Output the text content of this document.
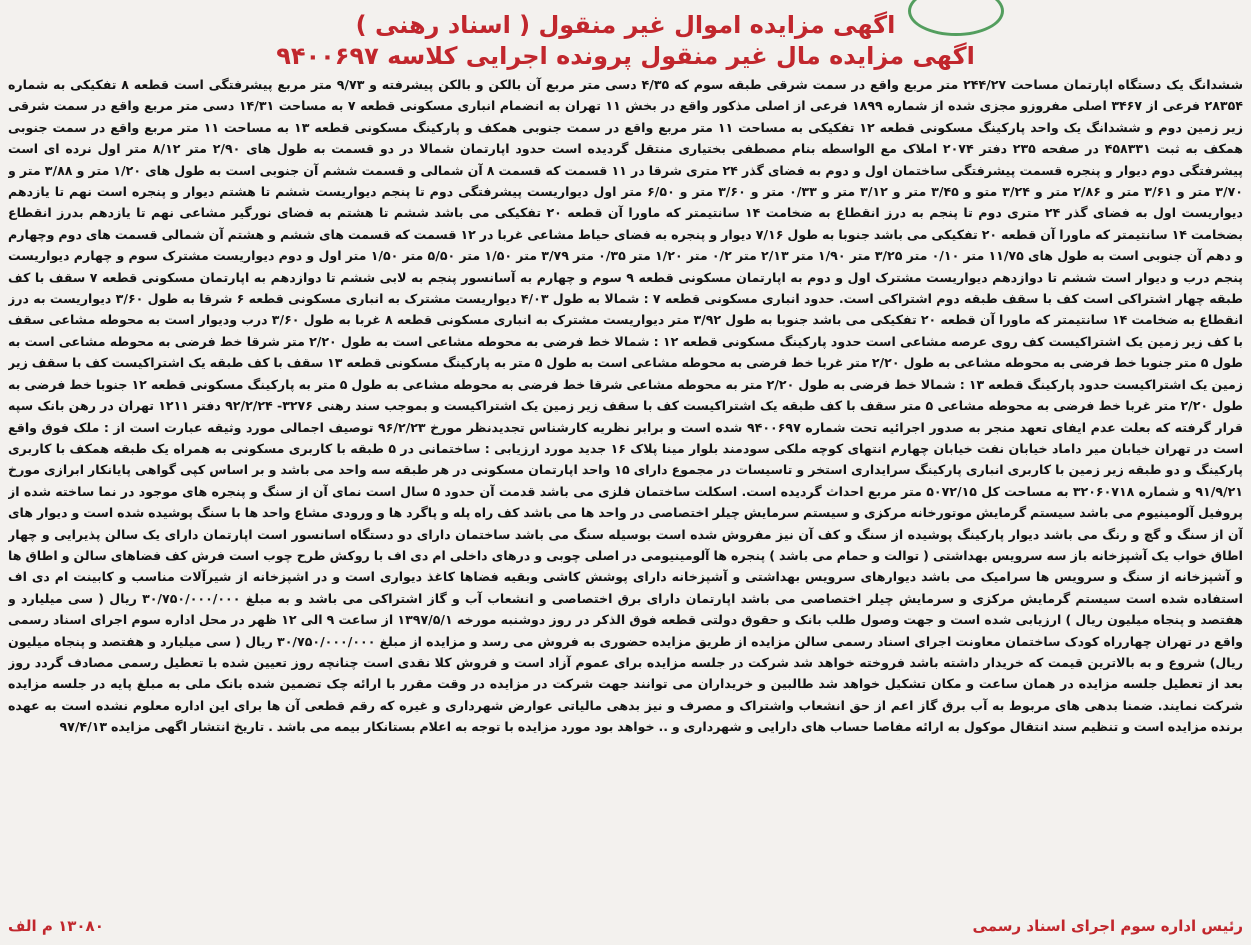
اگهی مزایده اموال غیر منقول ( اسناد رهنی )
اگهی مزایده مال غیر منقول پرونده اجرایی کلاسه ۹۴۰۰۶۹۷
ششدانگ یک دستگاه اپارتمان مساحت ۲۴۴/۲۷ متر مربع واقع در سمت شرقی طبقه سوم که ۴/۳۵ دسی متر مربع آن بالکن و بالکن پیشرفته و ۹/۷۳ متر مربع پیشرفتگی است قطعه ۸ تفکیکی به شماره ۲۸۳۵۴ فرعی از ۳۴۶۷ اصلی مفروزو مجزی شده از شماره ۱۸۹۹ فرعی از اصلی مذکور واقع در بخش ۱۱ تهران به انضمام انباری مسکونی قطعه ۷ به مساحت ۱۴/۳۱ دسی متر مربع واقع در سمت شرقی زیر زمین دوم و ششدانگ یک واحد پارکینگ مسکونی قطعه ۱۲ تفکیکی به مساحت ۱۱ متر مربع واقع در سمت جنوبی همکف و پارکینگ مسکونی قطعه ۱۳ به مساحت ۱۱ متر مربع واقع در سمت جنوبی همکف به ثبت ۴۵۸۳۳۱ در صفحه ۲۳۵ دفتر ۲۰۷۴ املاک مع الواسطه بنام مصطفی بختیاری منتقل گردیده است حدود اپارتمان شمالا در دو قسمت به طول های ۲/۹۰ متر ۸/۱۲ متر اول نرده ای است پیشرفتگی دوم دیوار و پنجره قسمت پیشرفتگی ساختمان اول و دوم به فضای گذر ۲۴ متری شرقا در ۱۱ قسمت که قسمت ۸ آن شمالی و قسمت ششم آن جنوبی است به طول های ۱/۲۰ متر و ۳/۸۸ متر و ۳/۷۰ متر و ۳/۶۱ متر و ۲/۸۶ متر و ۳/۲۴ متو و ۳/۴۵ متر و ۳/۱۲ متر و ۰/۳۳ متر و ۳/۶۰ متر و ۶/۵۰ متر اول دیواریست پیشرفتگی دوم تا پنجم دیواریست ششم تا هشتم دیوار و پنجره است نهم تا یازدهم دیواریست اول به فضای گذر ۲۴ متری دوم تا پنجم به درز انقطاع به ضخامت ۱۴ سانتیمتر که ماورا آن قطعه ۲۰ تفکیکی می باشد ششم تا هشتم به فضای نورگیر مشاعی نهم تا یازدهم بدرز انقطاع بضخامت ۱۴ سانتیمتر که ماورا آن قطعه ۲۰ تفکیکی می باشد جنوبا به طول ۷/۱۶ دیوار و پنجره به فضای حیاط مشاعی غربا در ۱۲ قسمت که قسمت های ششم و هشتم آن شمالی قسمت های دوم وچهارم و دهم آن جنوبی است به طول های ۱۱/۷۵ متر ۰/۱۰ متر ۳/۲۵ متر ۱/۹۰ متر ۲/۱۳ متر ۰/۲ متر ۱/۲۰ متر ۰/۳۵ متر ۳/۷۹ متر ۱/۵۰ متر ۵/۵۰ متر ۱/۵۰ متر اول و دوم دیواریست مشترک سوم و چهارم دیواریست پنجم درب و دیوار است ششم تا دوازدهم دیواریست مشترک اول و دوم به اپارتمان مسکونی قطعه ۹ سوم و چهارم به آسانسور پنجم به لابی ششم تا دوازدهم به اپارتمان مسکونی قطعه ۷ سقف با کف طبقه چهار اشتراکی است کف با سقف طبقه دوم اشتراکی است. حدود انباری مسکونی قطعه ۷ : شمالا به طول ۴/۰۳ دیواریست مشترک به انباری مسکونی قطعه ۶ شرقا به طول ۳/۶۰ دیواریست به درز انقطاع به ضخامت ۱۴ سانتیمتر که ماورا آن قطعه ۲۰ تفکیکی می باشد جنوبا به طول ۳/۹۲ متر دیواریست مشترک به انباری مسکونی قطعه ۸ غربا به طول ۳/۶۰ درب ودیوار است به محوطه مشاعی سقف با کف زیر زمین یک اشتراکیست کف روی عرصه مشاعی است حدود پارکینگ مسکونی قطعه ۱۲ : شمالا خط فرضی به محوطه مشاعی است به طول ۲/۲۰ متر شرقا خط فرضی به محوطه مشاعی است به طول ۵ متر جنوبا خط فرضی به محوطه مشاعی به طول ۲/۲۰ متر غربا خط فرضی به محوطه مشاعی است به طول ۵ متر به پارکینگ مسکونی قطعه ۱۳ سقف با کف طبقه یک اشتراکیست کف با سقف زیر زمین یک اشتراکیست حدود پارکینگ قطعه ۱۳ : شمالا خط فرضی به طول ۲/۲۰ متر به محوطه مشاعی شرقا خط فرضی به محوطه مشاعی به طول ۵ متر به پارکینگ مسکونی قطعه ۱۲ جنوبا خط فرضی به طول ۲/۲۰ متر غربا خط فرضی به محوطه مشاعی ۵ متر سقف با کف طبقه یک اشتراکیست کف با سقف زیر زمین یک اشتراکیست و بموجب سند رهنی ۳۲۷۶- ۹۲/۲/۲۴ دفتر ۱۲۱۱ تهران در رهن بانک سپه قرار گرفته که بعلت عدم ایفای تعهد منجر به صدور اجرائیه تحت شماره ۹۴۰۰۶۹۷ شده است و برابر نظریه کارشناس تجدیدنظر مورخ ۹۶/۲/۲۳ توصیف اجمالی مورد وثیقه عبارت است از : ملک فوق واقع است در تهران خیابان میر داماد خیابان نفت خیابان چهارم انتهای کوچه ملکی سودمند بلوار مینا پلاک ۱۶ جدید مورد ارزیابی : ساختمانی در ۵ طبقه با کاربری مسکونی به همراه یک طبقه همکف با کاربری پارکینگ و دو طبقه زیر زمین با کاربری انباری پارکینگ سرایداری استخر و تاسیسات در مجموع دارای ۱۵ واحد اپارتمان مسکونی در هر طبقه سه واحد می باشد و بر اساس کپی گواهی پایانکار ابرازی مورخ ۹۱/۹/۲۱ و شماره ۳۲۰۶۰۷۱۸ به مساحت کل ۵۰۷۲/۱۵ متر مربع احداث گردیده است. اسکلت ساختمان فلزی می باشد قدمت آن حدود ۵ سال است نمای آن از سنگ و پنجره های موجود در نما ساخته شده از پروفیل آلومینیوم می باشد سیستم گرمایش موتورخانه مرکزی و سیستم سرمایش چیلر اختصاصی در واحد ها می باشد کف راه پله و پاگرد ها و ورودی مشاع واحد ها با سنگ پوشیده شده است و دیوار های آن از سنگ و گچ و رنگ می باشد دیوار پارکینگ پوشیده از سنگ و کف آن نیز مفروش شده است بوسیله سنگ می باشد ساختمان دارای دو دستگاه اسانسور است اپارتمان دارای یک سالن پذیرایی و چهار اطاق خواب یک آشپزخانه باز سه سرویس بهداشتی ( توالت و حمام می باشد ) پنجره ها آلومینیومی در اصلی چوبی و درهای داخلی ام دی اف با روکش طرح چوب است فرش کف فضاهای سالن و اطاق ها و آشپزخانه از سنگ و سرویس ها سرامیک می باشد دیوارهای سرویس بهداشتی و آشپزخانه دارای پوشش کاشی وبقیه فضاها کاغذ دیواری است و در اشپزخانه از شیرآلات مناسب و کابینت ام دی اف استفاده شده است سیستم گرمایش مرکزی و سرمایش چیلر اختصاصی می باشد اپارتمان دارای برق اختصاصی و انشعاب آب و گاز اشتراکی می باشد و به مبلغ ۳۰/۷۵۰/۰۰۰/۰۰۰ ریال ( سی میلیارد و هفتصد و پنجاه میلیون ریال ) ارزیابی شده است و جهت وصول طلب بانک و حقوق دولتی قطعه فوق الذکر در روز دوشنبه مورخه ۱۳۹۷/۵/۱ از ساعت ۹ الی ۱۲ ظهر در محل اداره سوم اجرای اسناد رسمی واقع در تهران چهارراه کودک ساختمان معاونت اجرای اسناد رسمی سالن مزایده از طریق مزایده حضوری به فروش می رسد و مزایده از مبلغ ۳۰/۷۵۰/۰۰۰/۰۰۰ ریال ( سی میلیارد و هفتصد و پنجاه میلیون ریال) شروع و به بالاترین قیمت که خریدار داشته باشد فروخته خواهد شد شرکت در جلسه مزایده برای عموم آزاد است و فروش کلا نقدی است چنانچه روز تعیین شده با تعطیل رسمی مصادف گردد روز بعد از تعطیل جلسه مزایده در همان ساعت و مکان تشکیل خواهد شد طالبین و خریداران می توانند جهت شرکت در مزایده در وقت مقرر با ارائه چک تضمین شده بانک ملی به مبلغ پایه در جلسه مزایده شرکت نمایند. ضمنا بدهی های مربوط به آب برق گاز اعم از حق انشعاب واشتراک و مصرف و نیز بدهی مالیاتی عوارض شهرداری و غیره که رقم قطعی آن ها برای این اداره معلوم نشده است به عهده برنده مزایده است و تنظیم سند انتقال موکول به ارائه مفاصا حساب های دارایی و شهرداری و .. خواهد بود مورد مزایده با توجه به اعلام بستانکار بیمه می باشد . تاریخ انتشار اگهی مزایده ۹۷/۴/۱۳
رئیس اداره سوم اجرای اسناد رسمی
۱۳۰۸۰ م الف
